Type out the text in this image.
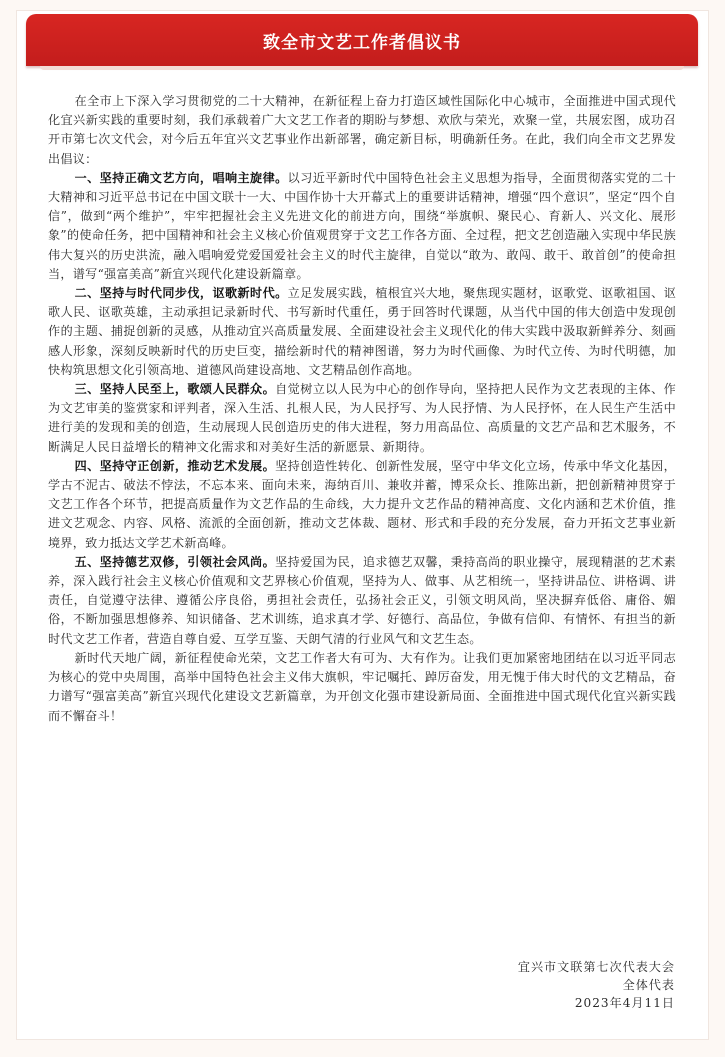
致全市文艺工作者倡议书

在全市上下深入学习贯彻党的二十大精神，在新征程上奋力打造区域性国际化中心城市，全面推进中国式现代化宜兴新实践的重要时刻，我们承载着广大文艺工作者的期盼与梦想、欢欣与荣光，欢聚一堂，共展宏图，成功召开市第七次文代会，对今后五年宜兴文艺事业作出新部署，确定新目标，明确新任务。在此，我们向全市文艺界发出倡议：

一、坚持正确文艺方向，唱响主旋律。以习近平新时代中国特色社会主义思想为指导，全面贯彻落实党的二十大精神和习近平总书记在中国文联十一大、中国作协十大开幕式上的重要讲话精神，增强“四个意识”，坚定“四个自信”，做到“两个维护”，牢牢把握社会主义先进文化的前进方向，围绕“举旗帜、聚民心、育新人、兴文化、展形象”的使命任务，把中国精神和社会主义核心价值观贯穿于文艺工作各方面、全过程，把文艺创造融入实现中华民族伟大复兴的历史洪流，融入唱响爱党爱国爱社会主义的时代主旋律，自觉以“敢为、敢闯、敢干、敢首创”的使命担当，谱写“强富美高”新宜兴现代化建设新篇章。

二、坚持与时代同步伐，讴歌新时代。立足发展实践，植根宜兴大地，聚焦现实题材，讴歌党、讴歌祖国、讴歌人民、讴歌英雄，主动承担记录新时代、书写新时代重任，勇于回答时代课题，从当代中国的伟大创造中发现创作的主题、捕捉创新的灵感，从推动宜兴高质量发展、全面建设社会主义现代化的伟大实践中汲取新鲜养分、刻画感人形象，深刻反映新时代的历史巨变，描绘新时代的精神图谱，努力为时代画像、为时代立传、为时代明德，加快构筑思想文化引领高地、道德风尚建设高地、文艺精品创作高地。

三、坚持人民至上，歌颂人民群众。自觉树立以人民为中心的创作导向，坚持把人民作为文艺表现的主体、作为文艺审美的鉴赏家和评判者，深入生活、扎根人民，为人民抒写、为人民抒情、为人民抒怀，在人民生产生活中进行美的发现和美的创造，生动展现人民创造历史的伟大进程，努力用高品位、高质量的文艺产品和艺术服务，不断满足人民日益增长的精神文化需求和对美好生活的新愿景、新期待。

四、坚持守正创新，推动艺术发展。坚持创造性转化、创新性发展，坚守中华文化立场，传承中华文化基因，学古不泥古、破法不悖法，不忘本来、面向未来，海纳百川、兼收并蓄，博采众长、推陈出新，把创新精神贯穿于文艺工作各个环节，把提高质量作为文艺作品的生命线，大力提升文艺作品的精神高度、文化内涵和艺术价值，推进文艺观念、内容、风格、流派的全面创新，推动文艺体裁、题材、形式和手段的充分发展，奋力开拓文艺事业新境界，致力抵达文学艺术新高峰。

五、坚持德艺双修，引领社会风尚。坚持爱国为民，追求德艺双馨，秉持高尚的职业操守，展现精湛的艺术素养，深入践行社会主义核心价值观和文艺界核心价值观，坚持为人、做事、从艺相统一，坚持讲品位、讲格调、讲责任，自觉遵守法律、遵循公序良俗，勇担社会责任，弘扬社会正义，引领文明风尚，坚决摒弃低俗、庸俗、媚俗，不断加强思想修养、知识储备、艺术训练，追求真才学、好德行、高品位，争做有信仰、有情怀、有担当的新时代文艺工作者，营造自尊自爱、互学互鉴、天朗气清的行业风气和文艺生态。

新时代天地广阔，新征程使命光荣，文艺工作者大有可为、大有作为。让我们更加紧密地团结在以习近平同志为核心的党中央周围，高举中国特色社会主义伟大旗帜，牢记嘱托、踔厉奋发，用无愧于伟大时代的文艺精品，奋力谱写“强富美高”新宜兴现代化建设文艺新篇章，为开创文化强市建设新局面、全面推进中国式现代化宜兴新实践而不懈奋斗！

宜兴市文联第七次代表大会
全体代表
2023年4月11日
